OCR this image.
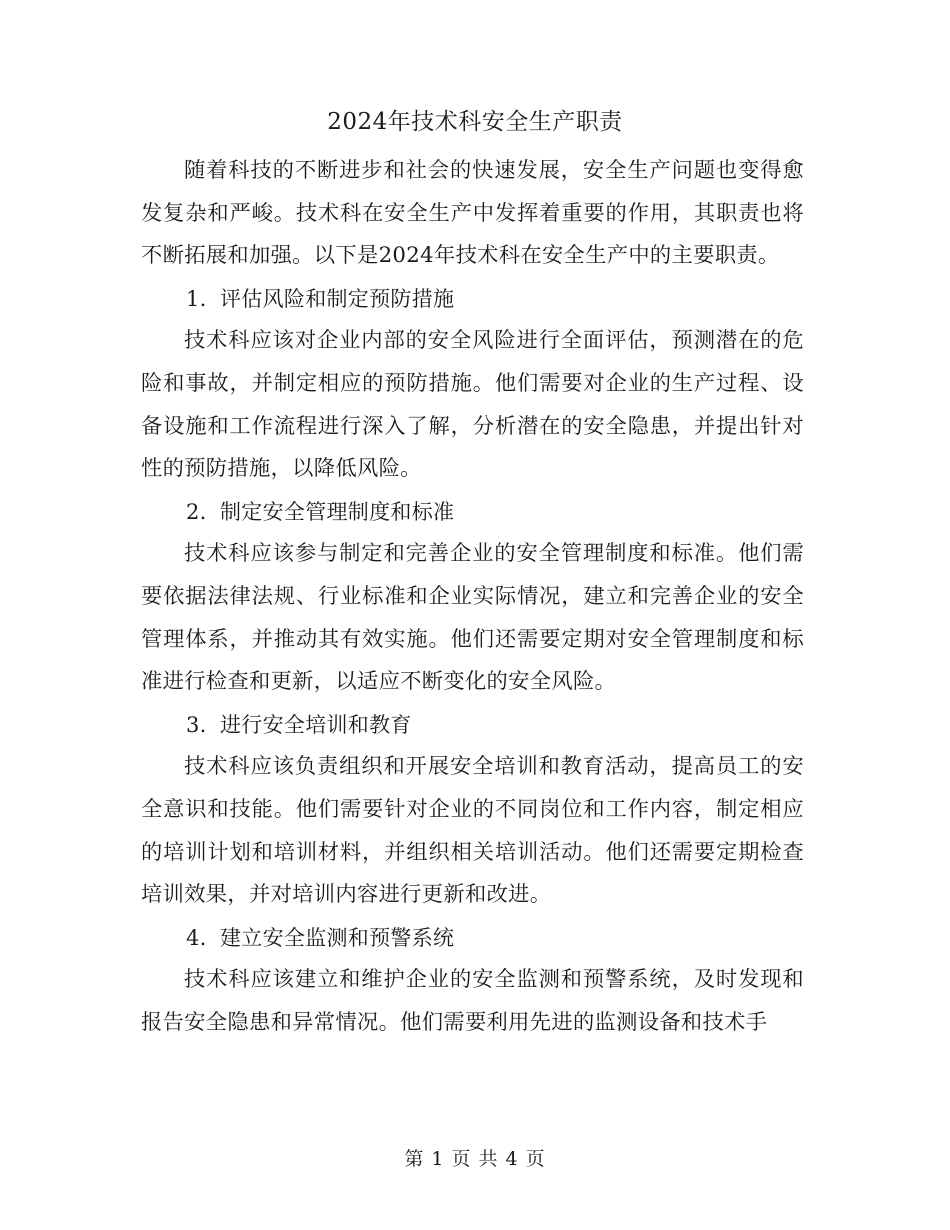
2024年技术科安全生产职责

随着科技的不断进步和社会的快速发展，安全生产问题也变得愈发复杂和严峻。技术科在安全生产中发挥着重要的作用，其职责也将不断拓展和加强。以下是2024年技术科在安全生产中的主要职责。

1. 评估风险和制定预防措施

技术科应该对企业内部的安全风险进行全面评估，预测潜在的危险和事故，并制定相应的预防措施。他们需要对企业的生产过程、设备设施和工作流程进行深入了解，分析潜在的安全隐患，并提出针对性的预防措施，以降低风险。

2. 制定安全管理制度和标准

技术科应该参与制定和完善企业的安全管理制度和标准。他们需要依据法律法规、行业标准和企业实际情况，建立和完善企业的安全管理体系，并推动其有效实施。他们还需要定期对安全管理制度和标准进行检查和更新，以适应不断变化的安全风险。

3. 进行安全培训和教育

技术科应该负责组织和开展安全培训和教育活动，提高员工的安全意识和技能。他们需要针对企业的不同岗位和工作内容，制定相应的培训计划和培训材料，并组织相关培训活动。他们还需要定期检查培训效果，并对培训内容进行更新和改进。

4. 建立安全监测和预警系统

技术科应该建立和维护企业的安全监测和预警系统，及时发现和报告安全隐患和异常情况。他们需要利用先进的监测设备和技术手

第 1 页 共 4 页
